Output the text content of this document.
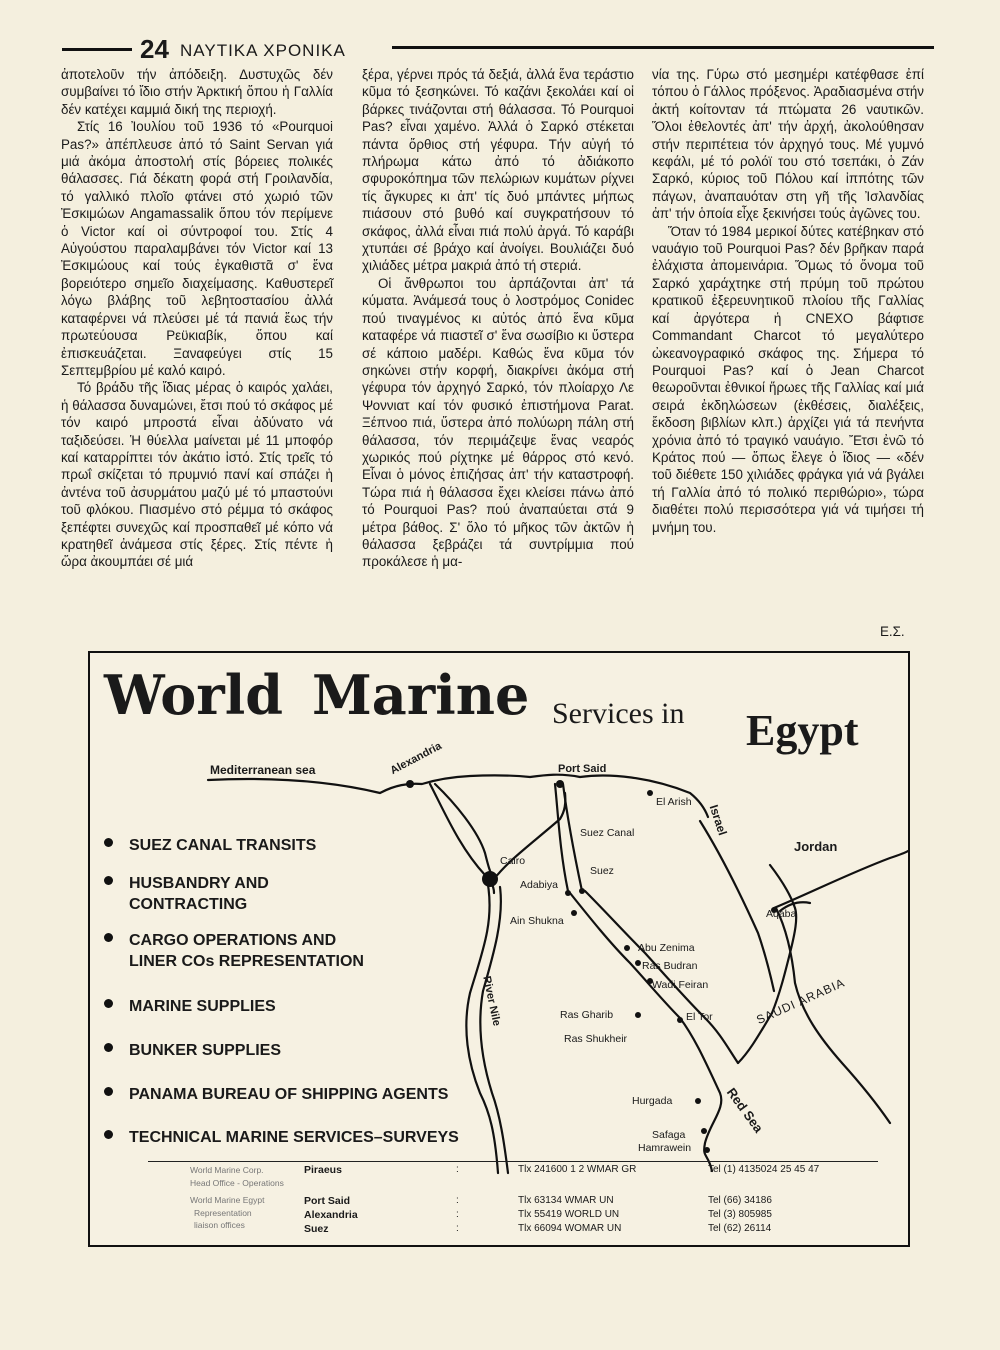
24 ΝΑΥΤΙΚΑ ΧΡΟΝΙΚΑ

ἀποτελοῦν τήν ἀπόδειξη. Δυστυχῶς δέν συμβαίνει τό ἴδιο στήν Ἀρκτική ὅπου ἡ Γαλλία δέν κατέχει καμμιά δική της περιοχή.

Στίς 16 Ἰουλίου τοῦ 1936 τό «Pourquoi Pas?» ἀπέπλευσε ἀπό τό Saint Servan γιά μιά ἀκόμα ἀποστολή στίς βόρειες πολικές θάλασσες. Γιά δέκατη φορά στή Γροιλανδία, τό γαλλικό πλοῖο φτάνει στό χωριό τῶν Ἐσκιμώων Angamassalik ὅπου τόν περίμενε ὁ Victor καί οἱ σύντροφοί του. Στίς 4 Αὐγούστου παραλαμβάνει τόν Victor καί 13 Ἐσκιμώους καί τούς ἐγκαθιστᾶ σ' ἕνα βορειότερο σημεῖο διαχείμασης. Καθυστερεῖ λόγω βλάβης τοῦ λεβητοστασίου ἀλλά καταφέρνει νά πλεύσει μέ τά πανιά ἕως τήν πρωτεύουσα Ρεϋκιαβίκ, ὅπου καί ἐπισκευάζεται. Ξαναφεύγει στίς 15 Σεπτεμβρίου μέ καλό καιρό.

Τό βράδυ τῆς ἴδιας μέρας ὁ καιρός χαλάει, ἡ θάλασσα δυναμώνει, ἔτσι πού τό σκάφος μέ τόν καιρό μπροστά εἶναι ἀδύνατο νά ταξιδεύσει. Ἡ θύελλα μαίνεται μέ 11 μποφόρ καί καταρρίπτει τόν ἀκάτιο ἱστό. Στίς τρεῖς τό πρωΐ σκίζεται τό πρυμνιό πανί καί σπάζει ἡ ἀντένα τοῦ ἀσυρμάτου μαζύ μέ τό μπαστούνι τοῦ φλόκου. Πιασμένο στό ρέμμα τό σκάφος ξεπέφτει συνεχῶς καί προσπαθεῖ μέ κόπο νά κρατηθεῖ ἀνάμεσα στίς ξέρες. Στίς πέντε ἡ ὥρα ἀκουμπάει σέ μιά

ξέρα, γέρνει πρός τά δεξιά, ἀλλά ἕνα τεράστιο κῦμα τό ξεσηκώνει. Τό καζάνι ξεκολάει καί οἱ βάρκες τινάζονται στή θάλασσα. Τό Pourquoi Pas? εἶναι χαμένο. Ἀλλά ὁ Σαρκό στέκεται πάντα ὄρθιος στή γέφυρα. Τήν αὐγή τό πλήρωμα κάτω ἀπό τό ἀδιάκοπο σφυροκόπημα τῶν πελώριων κυμάτων ρίχνει τίς ἄγκυρες κι ἀπ' τίς δυό μπάντες μήπως πιάσουν στό βυθό καί συγκρατήσουν τό σκάφος, ἀλλά εἶναι πιά πολύ ἀργά. Τό καράβι χτυπάει σέ βράχο καί ἀνοίγει. Βουλιάζει δυό χιλιάδες μέτρα μακριά ἀπό τή στεριά.

Οἱ ἄνθρωποι του ἁρπάζονται ἀπ' τά κύματα. Ἀνάμεσά τους ὁ λοστρόμος Conidec πού τιναγμένος κι αὐτός ἀπό ἕνα κῦμα καταφέρε νά πιαστεῖ σ' ἕνα σωσίβιο κι ὕστερα σέ κάποιο μαδέρι. Καθώς ἕνα κῦμα τόν σηκώνει στήν κορφή, διακρίνει ἀκόμα στή γέφυρα τόν ἀρχηγό Σαρκό, τόν πλοίαρχο Λε Ψοννιατ καί τόν φυσικό ἐπιστήμονα Parat. Ξέπνοο πιά, ὕστερα ἀπό πολύωρη πάλη στή θάλασσα, τόν περιμάζεψε ἕνας νεαρός χωρικός πού ρίχτηκε μέ θάρρος στό κενό. Εἶναι ὁ μόνος ἐπιζήσας ἀπ' τήν καταστροφή. Τώρα πιά ἡ θάλασσα ἔχει κλείσει πάνω ἀπό τό Pourquoi Pas? πού ἀναπαύεται στά 9 μέτρα βάθος. Σ' ὅλο τό μῆκος τῶν ἀκτῶν ἡ θάλασσα ξεβράζει τά συντρίμμια πού προκάλεσε ἡ μα-

νία της. Γύρω στό μεσημέρι κατέφθασε ἐπί τόπου ὁ Γάλλος πρόξενος. Ἀραδιασμένα στήν ἀκτή κοίτονταν τά πτώματα 26 ναυτικῶν. Ὅλοι ἐθελοντές ἀπ' τήν ἀρχή, ἀκολούθησαν στήν περιπέτεια τόν ἀρχηγό τους. Μέ γυμνό κεφάλι, μέ τό ρολόϊ του στό τσεπάκι, ὁ Ζάν Σαρκό, κύριος τοῦ Πόλου καί ἱππότης τῶν πάγων, ἀναπαυόταν στη γῆ τῆς Ἰσλανδίας ἀπ' τήν ὁποία εἶχε ξεκινήσει τούς ἀγῶνες του.

Ὅταν τό 1984 μερικοί δύτες κατέβηκαν στό ναυάγιο τοῦ Pourquoi Pas? δέν βρῆκαν παρά ἐλάχιστα ἀπομεινάρια. Ὅμως τό ὄνομα τοῦ Σαρκό χαράχτηκε στή πρύμη τοῦ πρώτου κρατικοῦ ἐξερευνητικοῦ πλοίου τῆς Γαλλίας καί ἀργότερα ἡ CNEXO βάφτισε Commandant Charcot τό μεγαλύτερο ὠκεανογραφικό σκάφος της. Σήμερα τό Pourquoi Pas? καί ὁ Jean Charcot θεωροῦνται ἐθνικοί ἥρωες τῆς Γαλλίας καί μιά σειρά ἐκδηλώσεων (ἐκθέσεις, διαλέξεις, ἔκδοση βιβλίων κλπ.) ἀρχίζει γιά τά πενήντα χρόνια ἀπό τό τραγικό ναυάγιο. Ἔτσι ἐνῶ τό Κράτος πού — ὅπως ἔλεγε ὁ ἴδιος — «δέν τοῦ διέθετε 150 χιλιάδες φράγκα γιά νά βγάλει τή Γαλλία ἀπό τό πολικό περιθώριο», τώρα διαθέτει πολύ περισσότερα γιά νά τιμήσει τή μνήμη του.

Ε.Σ.
World Marine Services in Egypt
SUEZ CANAL TRANSITS
HUSBANDRY AND CONTRACTING
CARGO OPERATIONS AND LINER COs REPRESENTATION
MARINE SUPPLIES
BUNKER SUPPLIES
PANAMA BUREAU OF SHIPPING AGENTS
TECHNICAL MARINE SERVICES–SURVEYS
Mediterranean sea	Alexandria	Port Said
El Arish
Israel
Jordan
Suez Canal
Cairo
Adabiya
Suez
Ain Shukna
Aqaba
Abu Zenima
Ras Budran
Wadi Feiran	SAUDI ARABIA
River Nile	Ras Gharib	El Tor
Ras Shukheir
Hurgada	Red Sea
Safaga
Hamrawein
World Marine Corp.
Head Office - Operations
World Marine Egypt
Representation
liaison offices
Piraeus	:	Tlx 241600 1 2 WMAR GR	Tel (1) 4135024 25 45 47
Port Said	:	Tlx 63134 WMAR UN	Tel (66) 34186
Alexandria	:	Tlx 55419 WORLD UN	Tel (3) 805985
Suez	:	Tlx 66094 WOMAR UN	Tel (62) 26114
